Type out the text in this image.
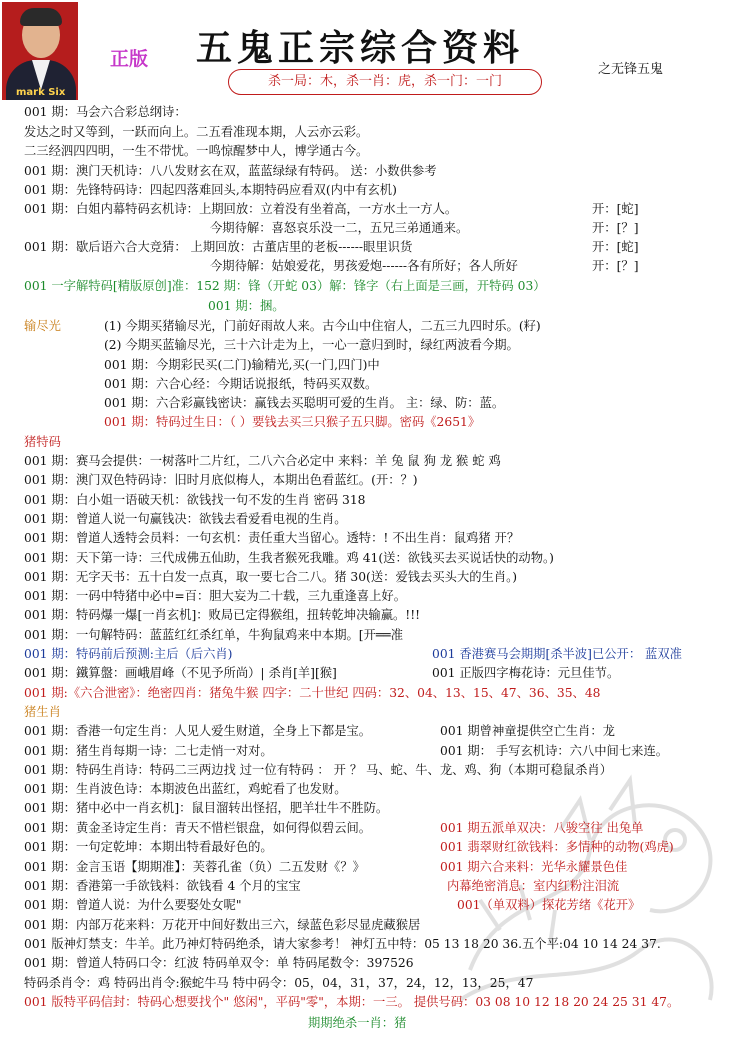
mark Six
正版 五鬼正宗综合资料
杀一局：木，杀一肖：虎，杀一门：一门
之无锋五鬼
001 期：马会六合彩总纲诗：
发达之时又等到，一跃而向上。二五看准现本期，人云亦云彩。
二三经泗四四明，一生不带忧。一鸣惊醒梦中人，博学通古今。
001 期：澳门天机诗：八八发财玄在双，蓝蓝绿绿有特码。 送：小数供参考
001 期：先锋特码诗：四起四落难回头,本期特码应看双(内中有玄机)
001 期：白姐内幕特码玄机诗：上期回放：立着没有坐着高，一方水土一方人。	开：[蛇]
今期待解：喜怒哀乐没一二，五兄三弟通通来。	开：[？]
001 期：歇后语六合大竞猜： 上期回放：古董店里的老板------眼里识货	开：[蛇]
今期待解：姑娘爱花，男孩爱炮------各有所好；各人所好	开：[？]
001 一字解特码[精版原创]准：152 期：锋（开蛇 03）解：锋字（右上面是三画，开特码 03）
001 期：捆。
输尽光	(1) 今期买猪输尽光，门前好雨故人来。古今山中住宿人，二五三九四时乐。(籽)
(2) 今期买蓝输尽光，三十六计走为上，一心一意归到时，绿红两波看今期。
001 期：今期彩民买(二门)输精光,买(一门,四门)中
001 期：六合心经：今期话说报纸，特码买双数。
001 期：六合彩赢钱密诀：赢钱去买聪明可爱的生肖。 主：绿、防：蓝。
001 期：特码过生日：（ ）要钱去买三只猴子五只脚。密码《2651》
猪特码
001 期：赛马会提供：一树落叶二片红，二八六合必定中 来料：羊 兔 鼠 狗 龙 猴 蛇 鸡
001 期：澳门双色特码诗：旧时月底似梅人，本期出色看蓝红。(开：？)
001 期：白小姐一语破天机：欲钱找一句不发的生肖 密码 318
001 期：曾道人说一句赢钱决：欲钱去看爱看电视的生肖。
001 期：曾道人透特会员料：一句玄机：责任重大当留心。透特：! 不出生肖：鼠鸡猪 开？
001 期：天下第一诗：三代成佛五仙助，生我者猴死我雕。鸡 41(送：欲钱买去买说话快的动物。)
001 期：无字天书：五十白发一点真，取一要七合二八。猪 30(送：爱钱去买头大的生肖。)
001 期：一码中特猪中必中=百：胆大妄为二十载，三九重逢喜上好。
001 期：特码爆一爆[一肖玄机]：败局已定得猴组，扭转乾坤决输赢。!!!
001 期：一句解特码：蓝蓝红红杀红单，牛狗鼠鸡来中本期。[开══准
001 期：特码前后预测:主后（后六肖)	001 香港赛马会期期[杀半波]已公开： 蓝双准
001 期：鐵算盤：画峨眉峰（不见予所尚）| 杀肖[羊][猴]	001 正版四字梅花诗：元旦佳节。
001 期:《六合泄密》：绝密四肖：猪兔牛猴 四字：二十世纪 四码：32、04、13、15、47、36、35、48
猪生肖
001 期：香港一句定生肖：人见人爱生财道，全身上下都是宝。	001 期曾神童提供空亡生肖：龙
001 期：猪生肖每期一诗：二七走悄一对对。	001 期： 手写玄机诗：六八中间七来连。
001 期：特码生肖诗：特码二三两边找 过一位有特码 ： 开 ？ 马、蛇、牛、龙、鸡、狗（本期可稳鼠杀肖）
001 期：生肖波色诗：本期波色出蓝红，鸡蛇看了也发财。
001 期：猪中必中一肖玄机]：鼠目溜转出怪招，肥羊壮牛不胜防。
001 期：黄金圣诗定生肖：青天不惜栏银盘，如何得似碧云间。	001 期五派单双决：八骏空往 出兔单
001 期：一句定乾坤：本期出特看最好色的。	001 翡翠财红欲钱料：多情种的动物(鸡虎)
001 期：金言玉语【期期准】：芙蓉孔雀（负）二五发财《？》	001 期六合来料：光华永耀景色佳
001 期：香港第一手欲钱料：欲钱看 4 个月的宝宝	内幕绝密消息：室内红粉注泪流
001 期：曾道人说：为什么要娶处女呢"	001（单双料）探花芳绪《花开》
001 期：内部万花来料：万花开中间好数出三六，绿蓝色彩尽显虎藏猴居
001 版神灯禁支：牛羊。此乃神灯特码绝杀，请大家参考！ 神灯五中特：05 13 18 20 36.五个平:04 10 14 24 37.
001 期：曾道人特码口令：红波 特码单双令：单 特码尾数令：397526
特码杀肖令：鸡 特码出肖令:猴蛇牛马 特中码令：05，04，31，37，24，12，13，25，47
001 版特平码信封：特码心想要找个" 悠闲"，平码"零"，本期：一三。 提供号码：03 08 10 12 18 20 24 25 31 47。
期期绝杀一肖：猪
